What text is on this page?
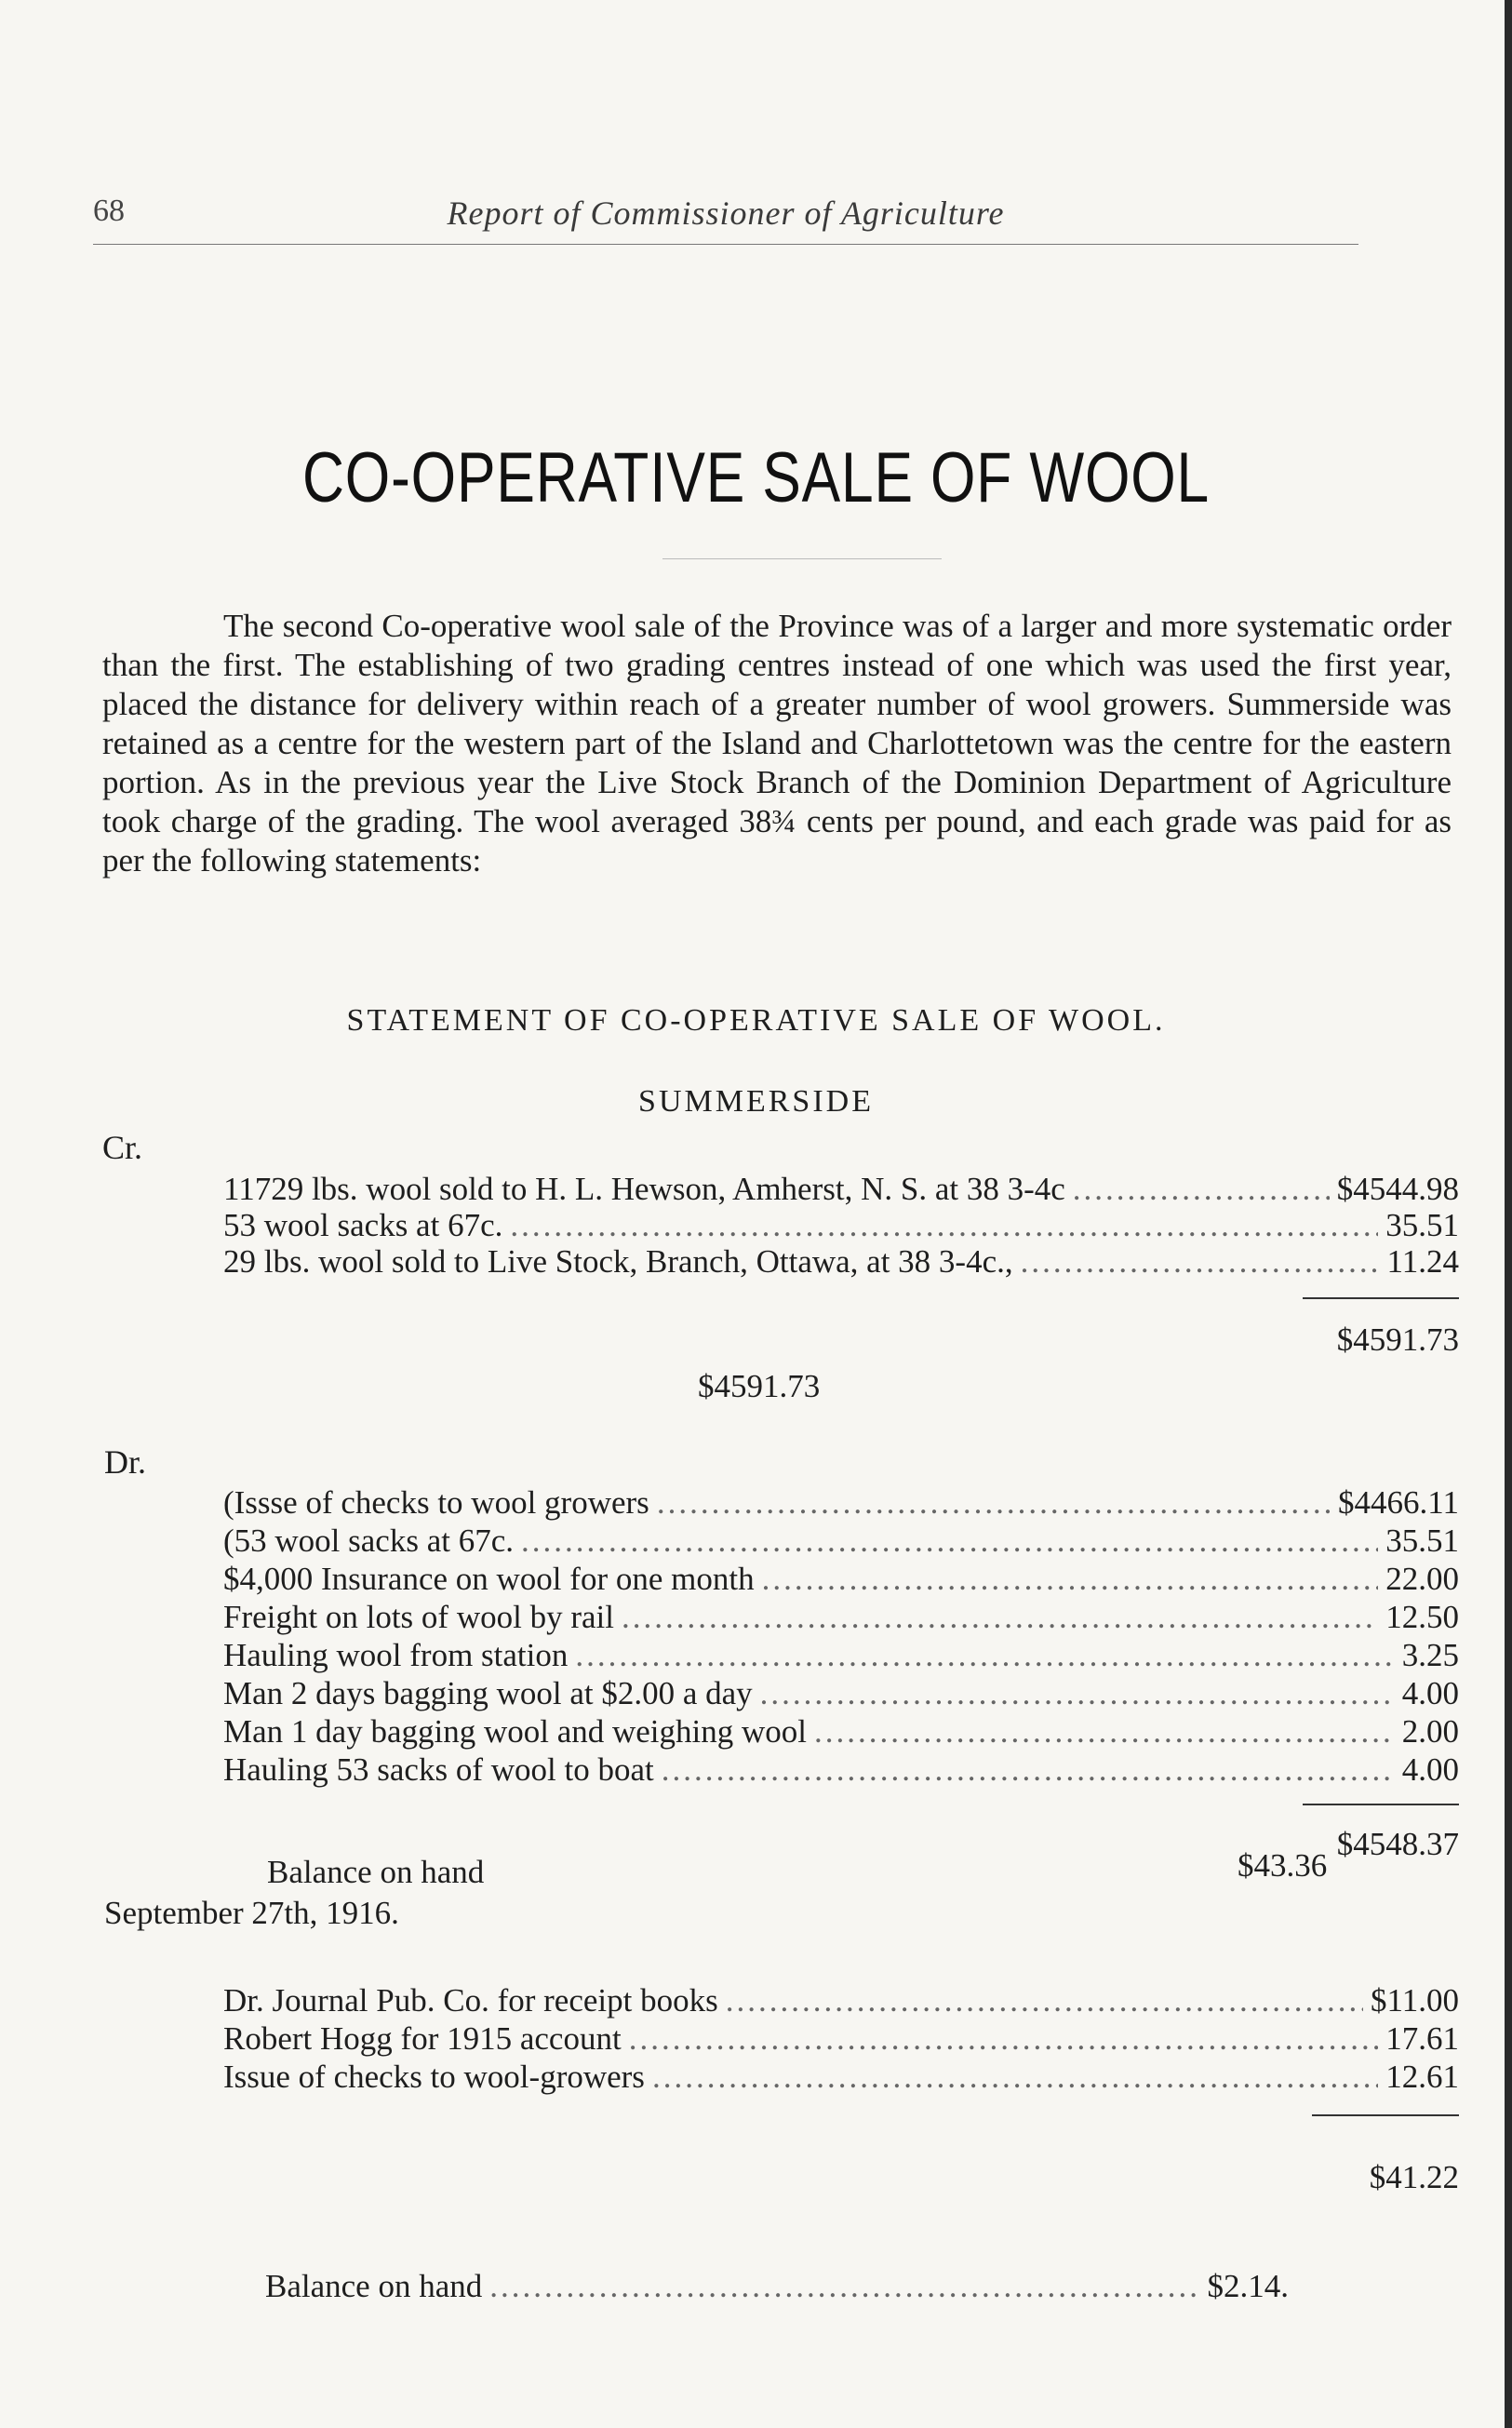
68	Report of Commissioner of Agriculture
CO-OPERATIVE SALE OF WOOL

The second Co-operative wool sale of the Province was of a larger and more systematic order than the first. The establishing of two grading centres instead of one which was used the first year, placed the distance for delivery within reach of a greater number of wool growers. Summerside was retained as a centre for the western part of the Island and Charlottetown was the centre for the eastern portion. As in the previous year the Live Stock Branch of the Dominion Department of Agriculture took charge of the grading. The wool averaged 38¾ cents per pound, and each grade was paid for as per the following statements:

STATEMENT OF CO-OPERATIVE SALE OF WOOL.
SUMMERSIDE
Cr.
11729 lbs. wool sold to H. L. Hewson, Amherst, N. S. at 38 3-4c .....	$4544.98
53 wool sacks at 67c. .....	35.51
29 lbs. wool sold to Live Stock, Branch, Ottawa, at 38 3-4c., .....	11.24
$4591.73
$4591.73
Dr.
(Issse of checks to wool growers .....	$4466.11
(53 wool sacks at 67c. .....	35.51
$4,000 Insurance on wool for one month .....	22.00
Freight on lots of wool by rail .....	12.50
Hauling wool from station .....	3.25
Man 2 days bagging wool at $2.00 a day .....	4.00
Man 1 day bagging wool and weighing wool .....	2.00
Hauling 53 sacks of wool to boat .....	4.00
$4548.37
Balance on hand	$43.36
September 27th, 1916.
Dr. Journal Pub. Co. for receipt books .....	$11.00
Robert Hogg for 1915 account .....	17.61
Issue of checks to wool-growers .....	12.61
$41.22
Balance on hand .....	$2.14.
